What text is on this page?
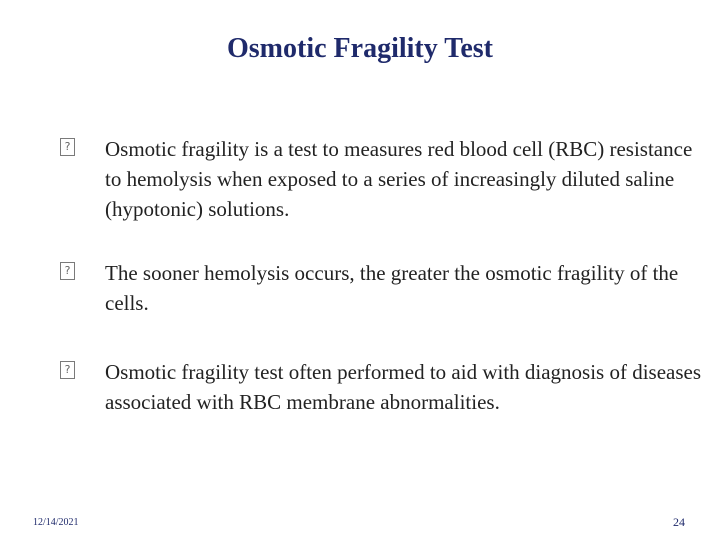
Osmotic Fragility Test
? Osmotic fragility is a test to measures red blood cell (RBC) resistance to hemolysis when exposed to a series of increasingly diluted saline (hypotonic) solutions.
? The sooner hemolysis occurs, the greater the osmotic fragility of the cells.
? Osmotic fragility test often performed to aid with diagnosis of diseases associated with RBC membrane abnormalities.
12/14/2021	24
